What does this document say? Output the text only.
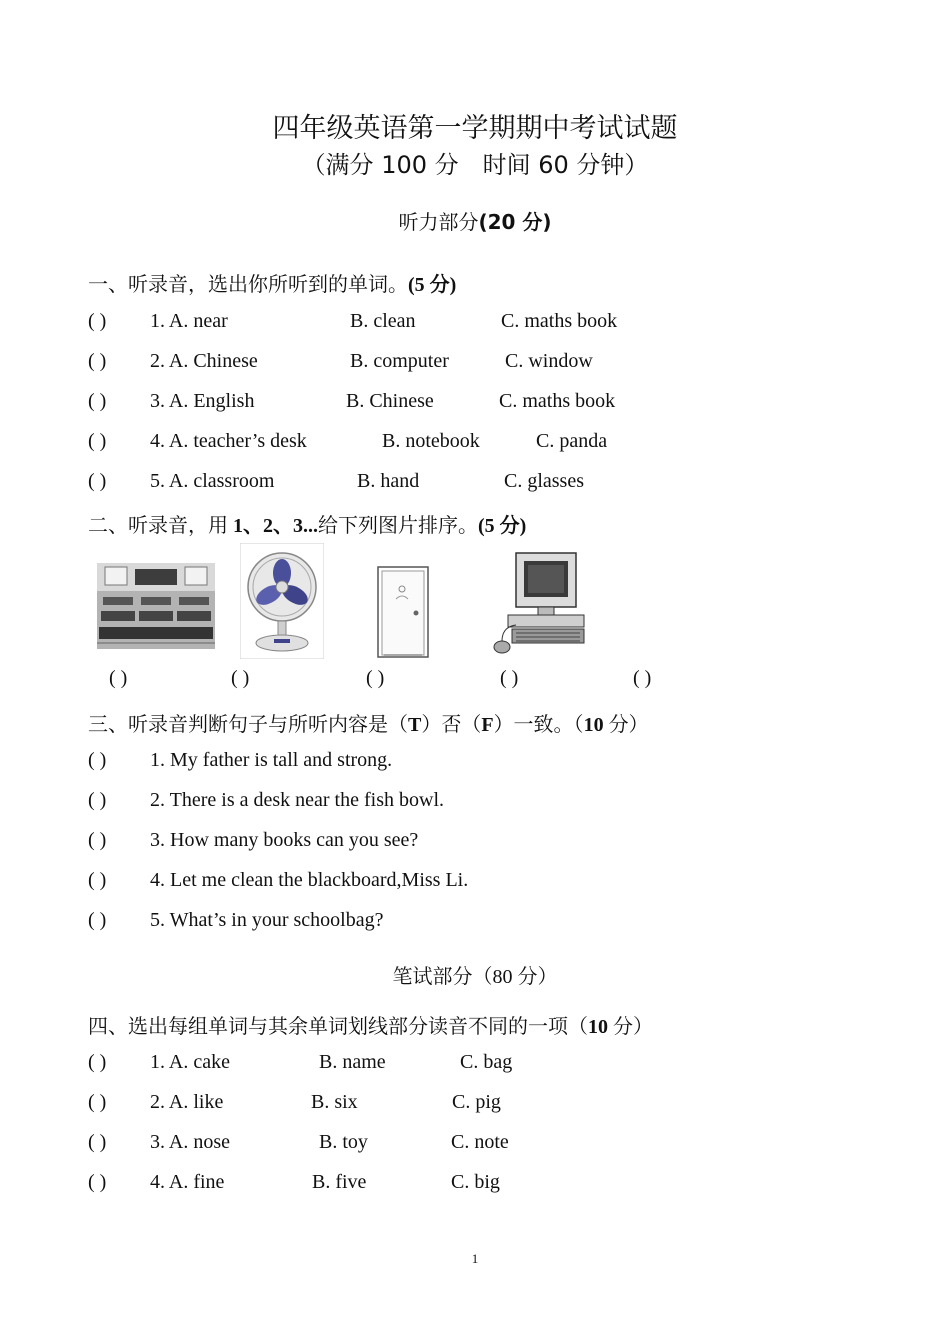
四年级英语第一学期期中考试试题
（满分 100 分　时间 60 分钟）
听力部分(20 分)
一、听录音，选出你所听到的单词。(5 分)
( ) 1. A. near	B. clean	C. maths book
( ) 2. A. Chinese	B. computer	C. window
( ) 3. A. English	B. Chinese	C. maths book
( ) 4. A. teacher’s desk	B. notebook	C. panda
( ) 5. A. classroom	B. hand	C. glasses
二、听录音，用 1、2、3...给下列图片排序。(5 分)
( )	( )	( )	( )	( )
三、听录音判断句子与所听内容是（T）否（F）一致。（10 分）
( ) 1. My father is tall and strong.
( ) 2. There is a desk near the fish bowl.
( ) 3. How many books can you see?
( ) 4. Let me clean the blackboard,Miss Li.
( ) 5. What’s in your schoolbag?
笔试部分（80 分）
四、选出每组单词与其余单词划线部分读音不同的一项（10 分）
( ) 1. A. cake	B. name	C. bag
( ) 2. A. like	B. six	C. pig
( ) 3. A. nose	B. toy	C. note
( ) 4. A. fine	B. five	C. big
1
